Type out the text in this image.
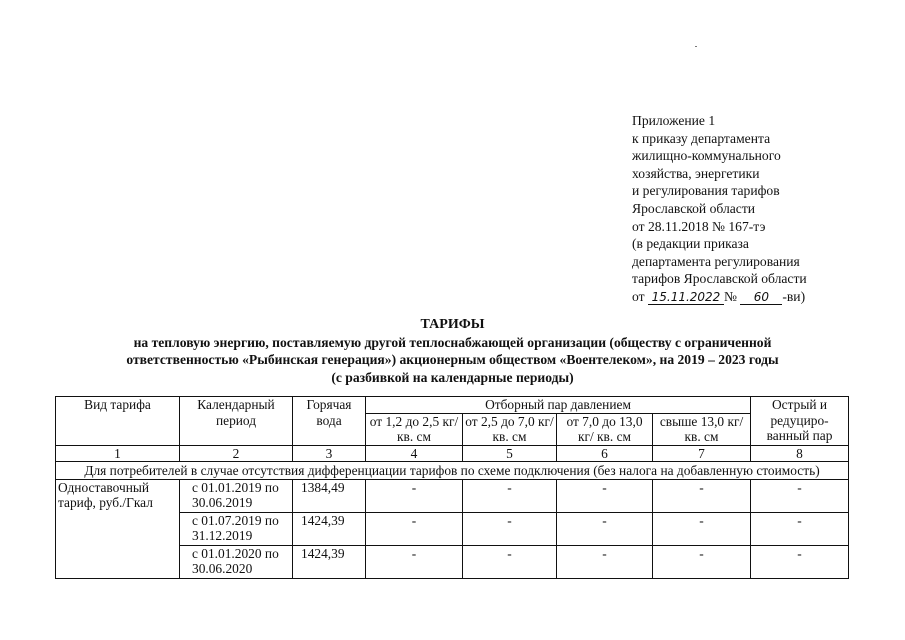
Приложение 1
к приказу департамента
жилищно-коммунального
хозяйства, энергетики
и регулирования тарифов
Ярославской области
от 28.11.2018 № 167-тэ
(в редакции приказа
департамента регулирования
тарифов Ярославской области
от 15.11.2022 № 60 -ви)
ТАРИФЫ
на тепловую энергию, поставляемую другой теплоснабжающей организации (обществу с ограниченной
ответственностью «Рыбинская генерация») акционерным обществом «Воентелеком», на 2019 – 2023 годы
(с разбивкой на календарные периоды)
Вид тарифа	Календарный период	Горячая вода	Отборный пар давлением				Острый и редуциро-ванный пар
			от 1,2 до 2,5 кг/ кв. см	от 2,5 до 7,0 кг/ кв. см	от 7,0 до 13,0 кг/ кв. см	свыше 13,0 кг/ кв. см	
1	2	3	4	5	6	7	8
Для потребителей в случае отсутствия дифференциации тарифов по схеме подключения (без налога на добавленную стоимость)							
Одноставочный тариф, руб./Гкал	с 01.01.2019 по 30.06.2019	1384,49	-	-	-	-	-
	с 01.07.2019 по 31.12.2019	1424,39	-	-	-	-	-
	с 01.01.2020 по 30.06.2020	1424,39	-	-	-	-	-
